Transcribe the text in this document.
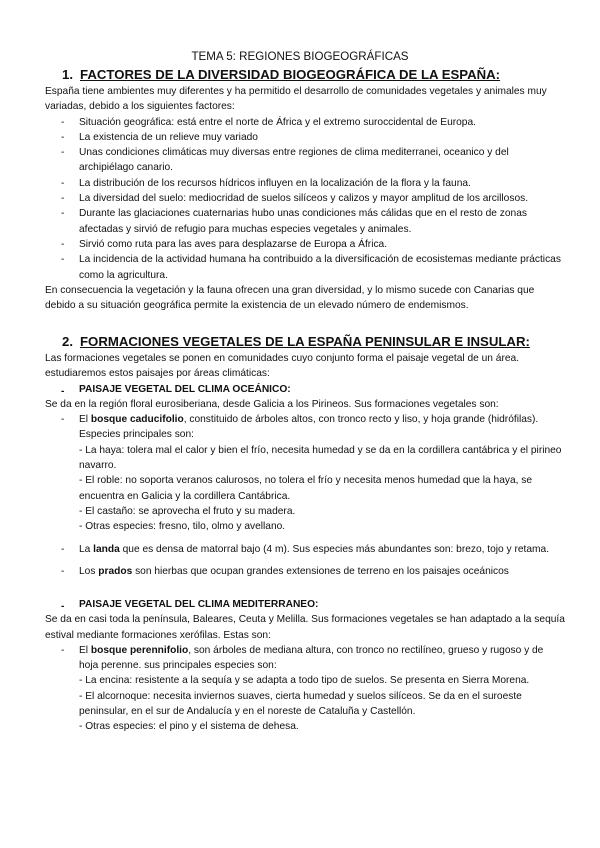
TEMA 5: REGIONES BIOGEOGRÁFICAS
1. FACTORES DE LA DIVERSIDAD BIOGEOGRÁFICA DE LA ESPAÑA:

España tiene ambientes muy diferentes y ha permitido el desarrollo de comunidades vegetales y animales muy variadas, debido a los siguientes factores:

- Situación geográfica: está entre el norte de África y el extremo suroccidental de Europa.
- La existencia de un relieve muy variado
- Unas condiciones climáticas muy diversas entre regiones de clima mediterranei, oceanico y del archipiélago canario.
- La distribución de los recursos hídricos influyen en la localización de la flora y la fauna.
- La diversidad del suelo: mediocridad de suelos silíceos y calizos y mayor amplitud de los arcillosos.
- Durante las glaciaciones cuaternarias hubo unas condiciones más cálidas que en el resto de zonas afectadas y sirvió de refugio para muchas especies vegetales y animales.
- Sirvió como ruta para las aves para desplazarse de Europa a África.
- La incidencia de la actividad humana ha contribuido a la diversificación de ecosistemas mediante prácticas como la agricultura.

En consecuencia la vegetación y la fauna ofrecen una gran diversidad, y lo mismo sucede con Canarias que debido a su situación geográfica permite la existencia de un elevado número de endemismos.

2. FORMACIONES VEGETALES DE LA ESPAÑA PENINSULAR E INSULAR:

Las formaciones vegetales se ponen en comunidades cuyo conjunto forma el paisaje vegetal de un área. estudiaremos estos paisajes por áreas climáticas:

- PAISAJE VEGETAL DEL CLIMA OCEÁNICO:

Se da en la región floral eurosiberiana, desde Galicia a los Pirineos. Sus formaciones vegetales son:

- El bosque caducifolio, constituido de árboles altos, con tronco recto y liso, y hoja grande (hidrófilas). Especies principales son:
- La haya: tolera mal el calor y bien el frío, necesita humedad y se da en la cordillera cantábrica y el pirineo navarro.
- El roble: no soporta veranos calurosos, no tolera el frío y necesita menos humedad que la haya, se encuentra en Galicia y la cordillera Cantábrica.
- El castaño: se aprovecha el fruto y su madera.
- Otras especies: fresno, tilo, olmo y avellano.
- La landa que es densa de matorral bajo (4 m). Sus especies más abundantes son: brezo, tojo y retama.
- Los prados son hierbas que ocupan grandes extensiones de terreno en los paisajes oceánicos
- PAISAJE VEGETAL DEL CLIMA MEDITERRANEO:

Se da en casi toda la península, Baleares, Ceuta y Melilla. Sus formaciones vegetales se han adaptado a la sequía estival mediante formaciones xerófilas. Estas son:

- El bosque perennifolio, son árboles de mediana altura, con tronco no rectilíneo, grueso y rugoso y de hoja perenne. sus principales especies son:
- La encina: resistente a la sequía y se adapta a todo tipo de suelos. Se presenta en Sierra Morena.
- El alcornoque: necesita inviernos suaves, cierta humedad y suelos silíceos. Se da en el suroeste peninsular, en el sur de Andalucía y en el noreste de Cataluña y Castellón.
- Otras especies: el pino y el sistema de dehesa.
